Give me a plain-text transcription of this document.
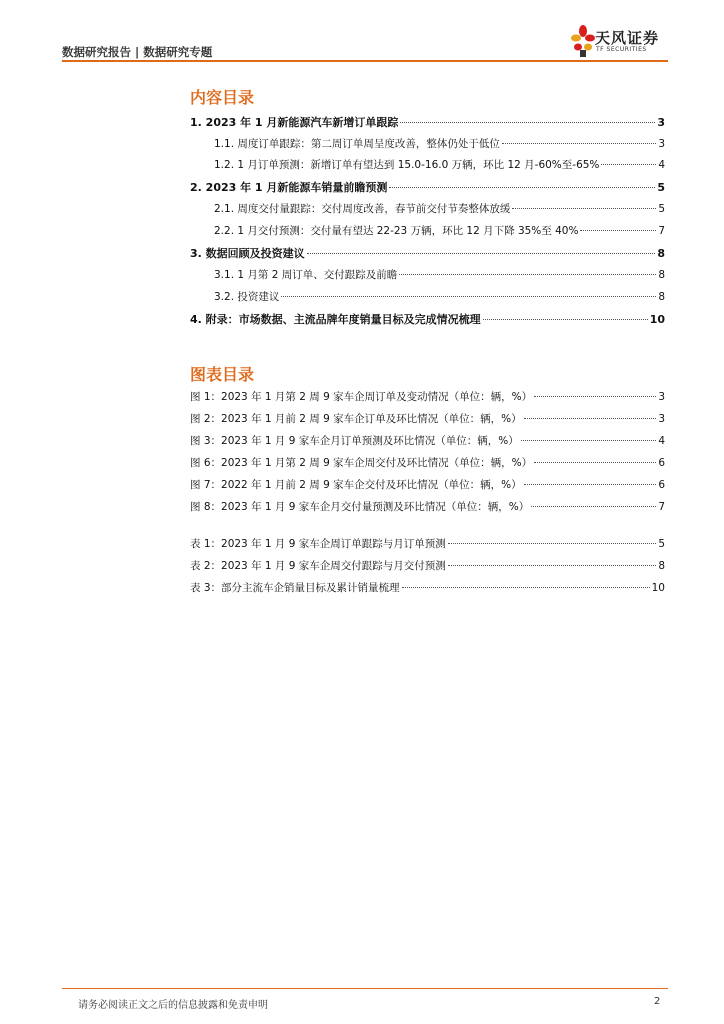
数据研究报告 | 数据研究专题
天风证券
TF SECURITIES
内容目录
1. 2023 年 1 月新能源汽车新增订单跟踪	3
1.1. 周度订单跟踪：第二周订单周呈度改善，整体仍处于低位	3
1.2. 1 月订单预测：新增订单有望达到 15.0-16.0 万辆，环比 12 月-60%至-65%	4
2. 2023 年 1 月新能源车销量前瞻预测	5
2.1. 周度交付量跟踪：交付周度改善，春节前交付节奏整体放缓	5
2.2. 1 月交付预测：交付量有望达 22-23 万辆，环比 12 月下降 35%至 40%	7
3. 数据回顾及投资建议	8
3.1. 1 月第 2 周订单、交付跟踪及前瞻	8
3.2. 投资建议	8
4. 附录：市场数据、主流品牌年度销量目标及完成情况梳理	10
图表目录
图 1：2023 年 1 月第 2 周 9 家车企周订单及变动情况（单位：辆，%）	3
图 2：2023 年 1 月前 2 周 9 家车企订单及环比情况（单位：辆，%）	3
图 3：2023 年 1 月 9 家车企月订单预测及环比情况（单位：辆，%）	4
图 6：2023 年 1 月第 2 周 9 家车企周交付及环比情况（单位：辆，%）	6
图 7：2022 年 1 月前 2 周 9 家车企交付及环比情况（单位：辆，%）	6
图 8：2023 年 1 月 9 家车企月交付量预测及环比情况（单位：辆，%）	7
表 1：2023 年 1 月 9 家车企周订单跟踪与月订单预测	5
表 2：2023 年 1 月 9 家车企周交付跟踪与月交付预测	8
表 3：部分主流车企销量目标及累计销量梳理	10
请务必阅读正文之后的信息披露和免责申明	2
